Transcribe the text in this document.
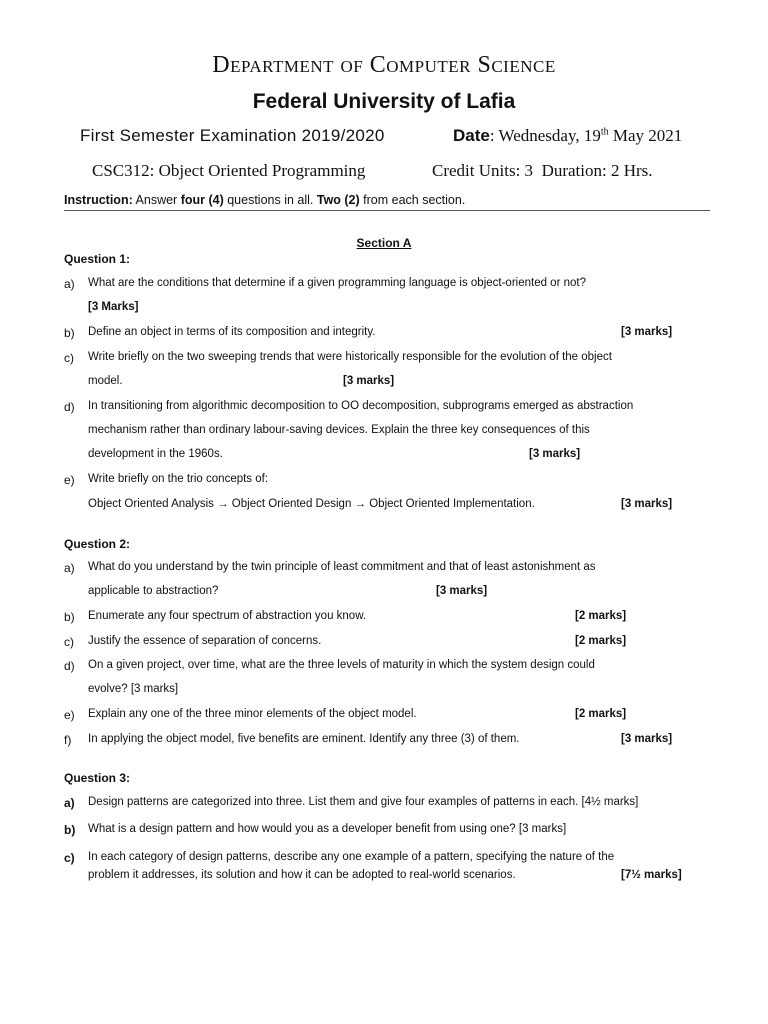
Department of Computer Science
Federal University of Lafia
First Semester Examination 2019/2020	Date: Wednesday, 19th May 2021
CSC312: Object Oriented Programming	Credit Units: 3 Duration: 2 Hrs.
Instruction: Answer four (4) questions in all. Two (2) from each section.
Section A
Question 1:
a) What are the conditions that determine if a given programming language is object-oriented or not?
[3 Marks]
b) Define an object in terms of its composition and integrity.	[3 marks]
c) Write briefly on the two sweeping trends that were historically responsible for the evolution of the object
model.	[3 marks]
d) In transitioning from algorithmic decomposition to OO decomposition, subprograms emerged as abstraction
mechanism rather than ordinary labour-saving devices. Explain the three key consequences of this
development in the 1960s.	[3 marks]
e) Write briefly on the trio concepts of:
Object Oriented Analysis → Object Oriented Design → Object Oriented Implementation.	[3 marks]
Question 2:
a) What do you understand by the twin principle of least commitment and that of least astonishment as
applicable to abstraction?	[3 marks]
b) Enumerate any four spectrum of abstraction you know.	[2 marks]
c) Justify the essence of separation of concerns.	[2 marks]
d) On a given project, over time, what are the three levels of maturity in which the system design could
evolve? [3 marks]
e) Explain any one of the three minor elements of the object model.	[2 marks]
f) In applying the object model, five benefits are eminent. Identify any three (3) of them.	[3 marks]
Question 3:
a) Design patterns are categorized into three. List them and give four examples of patterns in each. [4½ marks]
b) What is a design pattern and how would you as a developer benefit from using one? [3 marks]
c) In each category of design patterns, describe any one example of a pattern, specifying the nature of the
problem it addresses, its solution and how it can be adopted to real-world scenarios.	[7½ marks]
